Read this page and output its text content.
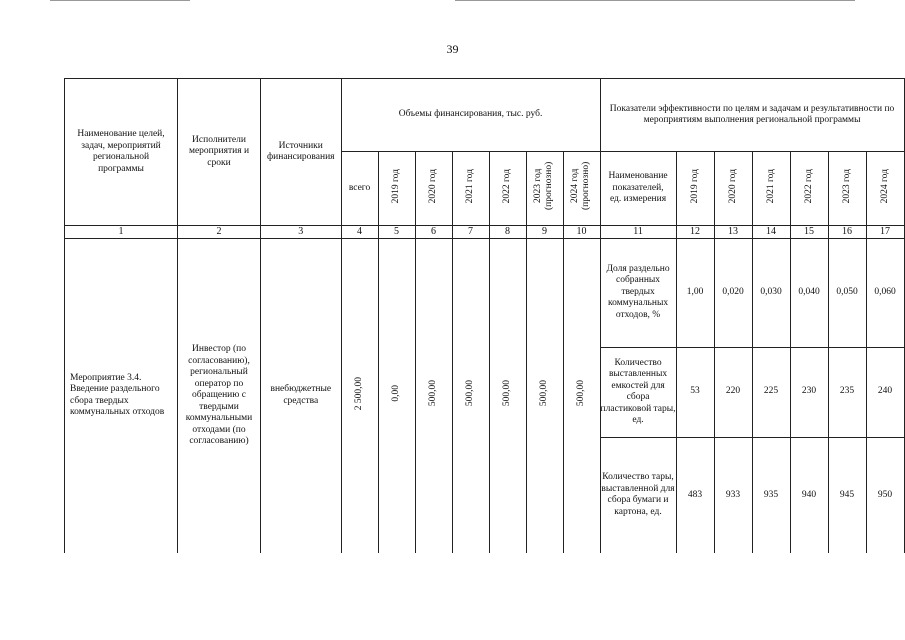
39
Наименование целей, задач, мероприятий региональной программы	Исполнители мероприятия и сроки	Источники финансирования	Объемы финансирования, тыс. руб.							Показатели эффективности по целям и задачам и результативности по мероприятиям выполнения региональной программы						
			всего	2019 год	2020 год	2021 год	2022 год	2023 год (прогнозно)	2024 год (прогнозно)	Наименование показателей, ед. измерения	2019 год	2020 год	2021 год	2022 год	2023 год	2024 год
1	2	3	4	5	6	7	8	9	10	11	12	13	14	15	16	17
Мероприятие 3.4. Введение раздельного сбора твердых коммунальных отходов	Инвестор (по согласованию), региональный оператор по обращению с твердыми коммунальными отходами (по согласованию)	внебюджетные средства	2 500,00	0,00	500,00	500,00	500,00	500,00	500,00	Доля раздельно собранных твердых коммунальных отходов, %	1,00	0,020	0,030	0,040	0,050	0,060
										Количество выставленных емкостей для сбора пластиковой тары, ед.	53	220	225	230	235	240
										Количество тары, выставленной для сбора бумаги и картона, ед.	483	933	935	940	945	950
